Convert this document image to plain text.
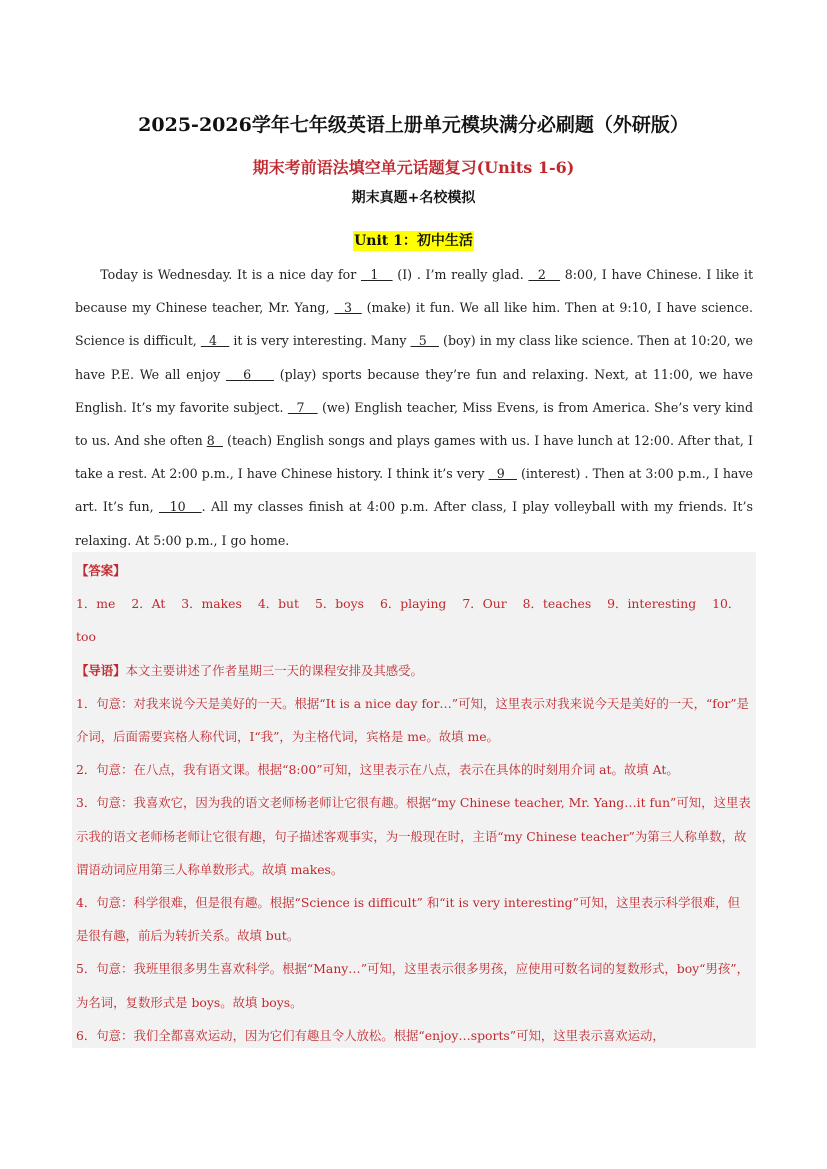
2025-2026学年七年级英语上册单元模块满分必刷题（外研版）
期末考前语法填空单元话题复习(Units 1-6)
期末真题+名校模拟
Unit 1：初中生活

  Today is Wednesday. It is a nice day for   1    (I) . I’m really glad.   2    8:00, I have Chinese. I like it because my Chinese teacher, Mr. Yang,   3   (make) it fun. We all like him. Then at 9:10, I have science. Science is difficult,   4    it is very interesting. Many   5    (boy) in my class like science. Then at 10:20, we have P.E. We all enjoy    6     (play) sports because they’re fun and relaxing. Next, at 11:00, we have English. It’s my favorite subject.   7    (we) English teacher, Miss Evens, is from America. She’s very kind to us. And she often 8   (teach) English songs and plays games with us. I have lunch at 12:00. After that, I take a rest. At 2:00 p.m., I have Chinese history. I think it’s very   9    (interest) . Then at 3:00 p.m., I have art. It’s fun,   10   . All my classes finish at 4:00 p.m. After class, I play volleyball with my friends. It’s relaxing. At 5:00 p.m., I go home.

【答案】

1．me 2．At 3．makes 4．but 5．boys 6．playing 7．Our 8．teaches 9．interesting 10．too

【导语】本文主要讲述了作者星期三一天的课程安排及其感受。

1．句意：对我来说今天是美好的一天。根据“It is a nice day for…”可知，这里表示对我来说今天是美好的一天，“for”是介词，后面需要宾格人称代词，I“我”，为主格代词，宾格是 me。故填 me。

2．句意：在八点，我有语文课。根据“8:00”可知，这里表示在八点，表示在具体的时刻用介词 at。故填 At。

3．句意：我喜欢它，因为我的语文老师杨老师让它很有趣。根据“my Chinese teacher, Mr. Yang…it fun”可知，这里表示我的语文老师杨老师让它很有趣，句子描述客观事实，为一般现在时，主语“my Chinese teacher”为第三人称单数，故谓语动词应用第三人称单数形式。故填 makes。

4．句意：科学很难，但是很有趣。根据“Science is difficult” 和“it is very interesting”可知，这里表示科学很难，但是很有趣，前后为转折关系。故填 but。

5．句意：我班里很多男生喜欢科学。根据“Many…”可知，这里表示很多男孩，应使用可数名词的复数形式，boy“男孩”，为名词，复数形式是 boys。故填 boys。

6．句意：我们全都喜欢运动，因为它们有趣且令人放松。根据“enjoy…sports”可知，这里表示喜欢运动，
